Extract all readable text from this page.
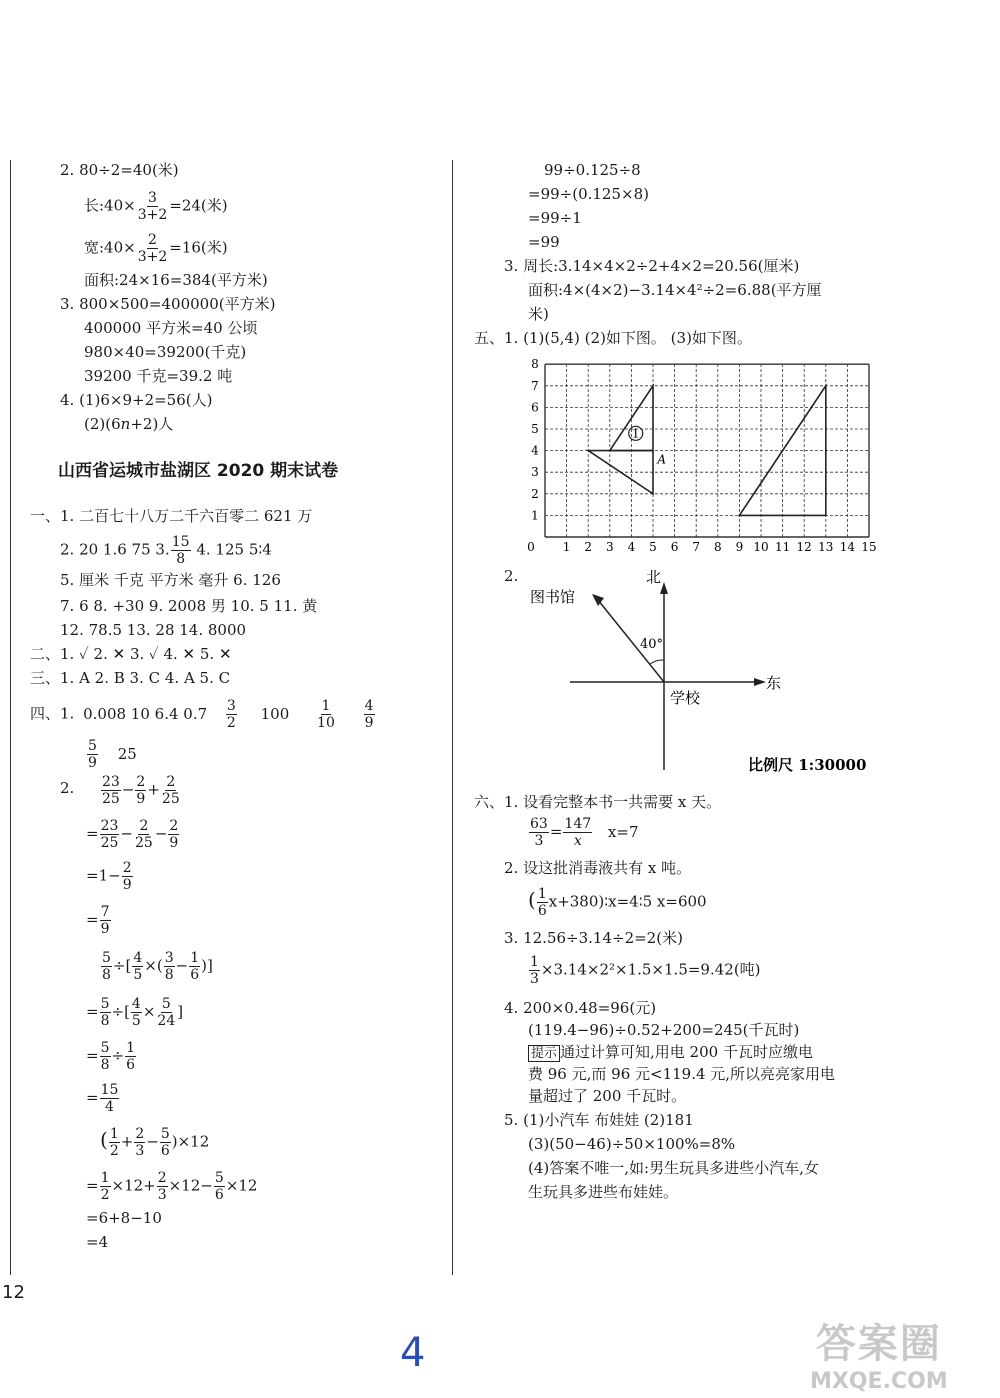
2. 80÷2=40(米)
长:40× $\frac{3}{3+2} =24$(米)
宽:40× $\frac{2}{3+2} =16$(米)
面积:24×16=384(平方米)
3. 800×500=400000(平方米)
400000 平方米=40 公顷
980×40=39200(千克)
39200 千克=39.2 吨
4. (1)6×9+2=56(人)
(2)(6n+2)人
山西省运城市盐湖区 2020 期末试卷
一、1. 二百七十八万二千六百零二 621 万
2. 20 1.6 75 3. $\frac{15}{8} 4$. 125 5∶4
5. 厘米 千克 平方米 毫升 6. 126
7. 6 8. +30 9. 2008 男 10. 5 11. 黄
12. 78.5 13. 28 14. 8000
二、1. ✓ 2. ✕ 3. ✓ 4. ✕ 5. ✕
三、1. A 2. B 3. C 4. A 5. C
四、1. 0.008 10 6.4 $0.7 \frac{3}{2} 100 \frac{1}{10}$
$\frac{4}{9}$
$\frac{5}{9} 25$
2. $\frac{23}{25} - \frac{2}{9} + \frac{2}{25}$
= $\frac{23}{25} - \frac{2}{25} - \frac{2}{9}$
$=1- \frac{2}{9}$
= $\frac{7}{9}$
$\frac{5}{8}$ ÷[ $\frac{4}{5}$ ×( $\frac{3}{8} - \frac{1}{6}$ )]
= $\frac{5}{8}$ ÷[ $\frac{4}{5} \times \frac{5}{24}$ ]
= $\frac{5}{8} \div \frac{1}{6}$
= $\frac{15}{4}$
( $\frac{1}{2} + \frac{2}{3} - \frac{5}{6} )\times 12$
= $\frac{1}{2} \times 12+ \frac{2}{3} \times 12- \frac{5}{6} \times 12$
=6+8−10
=4
99÷0.125÷8
=99÷(0.125×8)
=99÷1
=99
3. 周长:3.14×4×2÷2+4×2=20.56(厘米)
面积:4×(4×2)−3.14×4²÷2=6.88(平方厘
米)
五、1. (1)(5,4) (2)如下图。 (3)如下图。
0 1 2 3 4 5 6 7 8 9 10 11 12 13 14 15
1
2
3
4
5
6
7
8
1
A
2.	北
东
图书馆
学校
40°
比例尺 1:30000
六、1. 设看完整本书一共需要 x 天。
$\frac{63}{3} = \frac{147}{x} x=7$
2. 设这批消毒液共有 x 吨。
( $\frac{1}{6}$ x+380)∶x=4∶5 x=600
3. 12.56÷3.14÷2=2(米)
$\frac{1}{3} \times 3.14\times 2^2\times 1.5\times 1.5=9.42$(吨)
4. 200×0.48=96(元)
(119.4−96)÷0.52+200=245(千瓦时)
提示 通过计算可知,用电 200 千瓦时应缴电
费 96 元,而 96 元<119.4 元,所以亮亮家用电
量超过了 200 千瓦时。
5. (1)小汽车 布娃娃 (2)181
(3)(50−46)÷50×100%=8%
(4)答案不唯一,如:男生玩具多进些小汽车,女
生玩具多进些布娃娃。
12
4	答案圈
MXQE.COM
